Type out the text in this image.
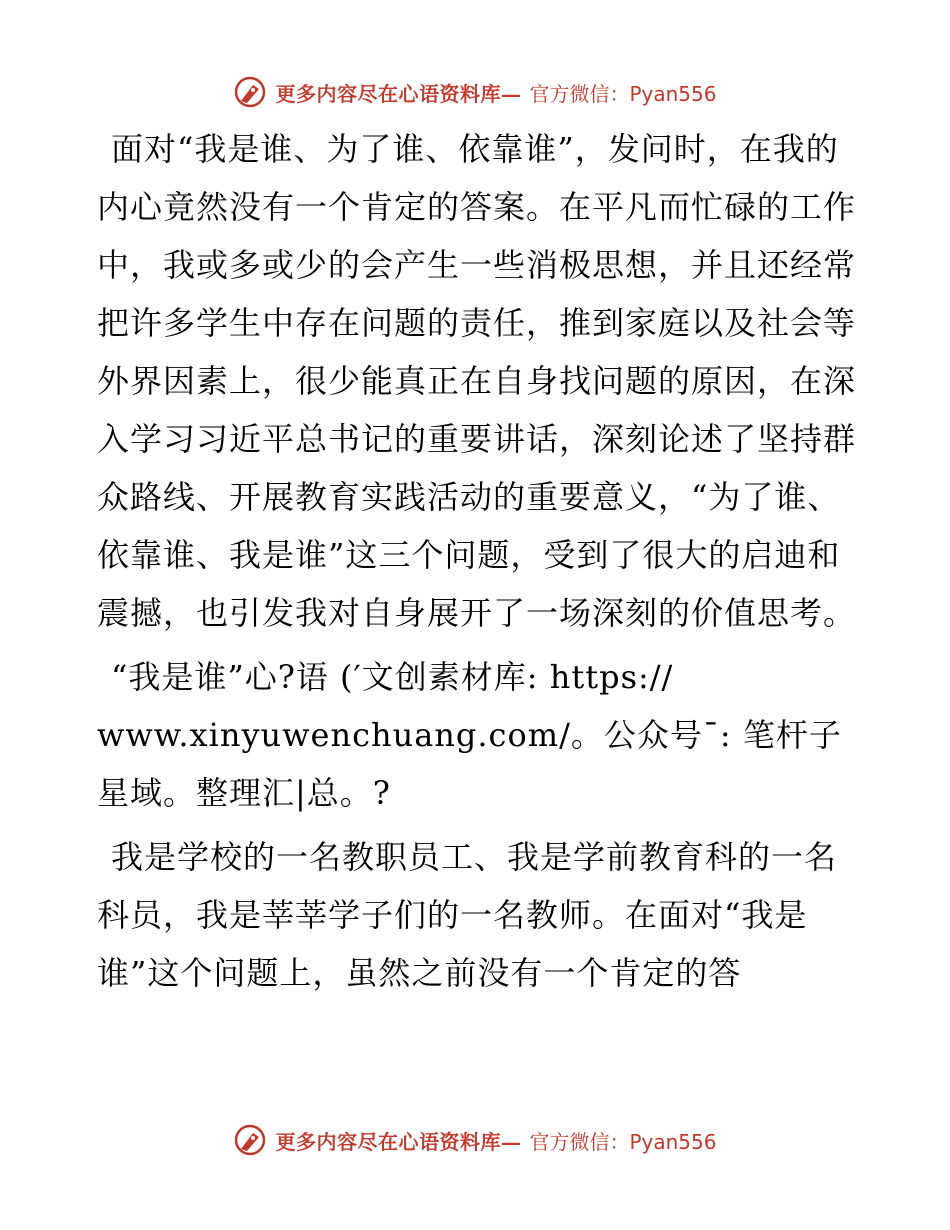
更多内容尽在心语资料库— 官方微信：Pyan556

面对“我是谁、为了谁、依靠谁”，发问时，在我的内心竟然没有一个肯定的答案。在平凡而忙碌的工作中，我或多或少的会产生一些消极思想，并且还经常把许多学生中存在问题的责任，推到家庭以及社会等外界因素上，很少能真正在自身找问题的原因，在深入学习习近平总书记的重要讲话，深刻论述了坚持群众路线、开展教育实践活动的重要意义，“为了谁、依靠谁、我是谁”这三个问题，受到了很大的启迪和震撼，也引发我对自身展开了一场深刻的价值思考。

“我是谁”心?语 (′文创素材库: https:// www.xinyuwenchuang.com/。公众号¯: 笔杆子星域。整理汇|总。?

我是学校的一名教职员工、我是学前教育科的一名科员，我是莘莘学子们的一名教师。在面对“我是谁”这个问题上，虽然之前没有一个肯定的答

更多内容尽在心语资料库— 官方微信：Pyan556
